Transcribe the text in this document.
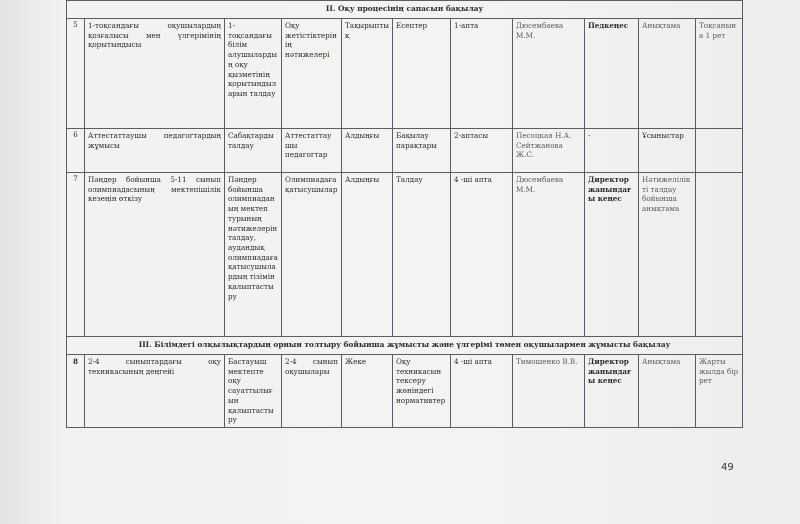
II. Оқу процесінің сапасын бақылау										
5	1-тоқсандағы оқушылардың қозғалысы мен үлгерімінің қорытындысы	1-тоқсандағы білім алушылардың оқу қызметінің қорытындыларын талдау	Оқу жетістіктерінің нәтижелері	Тақырыптық	Есептер	1-апта	Дюсембаева М.М.	Педкеңес	Анықтама	Тоқсанына 1 рет
6	Аттестаттаушы педагогтардың жұмысы	Сабақтарды талдау	Аттестаттаушы педагогтар	Алдыңғы	Бақылау парақтары	2-аптасы	Песоцкая Н.А. Сейтжанова Ж.С.	-	Ұсыныстар	
7	Пәндер бойынша 5-11 сынып олимпиадасының мектепішілік кезеңін өткізу	Пәндер бойынша олимпиаданың мектеп турының нәтижелерін талдау, аудандық олимпиадаға қатысушылардың тізімін қалыптастыру	Олимпиадаға қатысушылар	Алдыңғы	Талдау	4 -ші апта	Дюсембаева М.М.	Директор жанындағы кеңес	Нәтижелілікті талдау бойынша анықтама	
III. Білімдегі олқылықтардың орнын толтыру бойынша жұмысты және үлгерімі төмен оқушылармен жұмысты бақылау										
8	2-4 сыныптардағы оқу техникасының деңгейі	Бастауыш мектепте оқу сауаттылығын қалыптастыру	2-4 сынып оқушылары	Жеке	Оқу техникасын тексеру жөніндегі нормативтер	4 -ші апта	Тимошенко В.В.	Директор жанындағы кеңес	Анықтама	Жарты жылда бір рет
49
